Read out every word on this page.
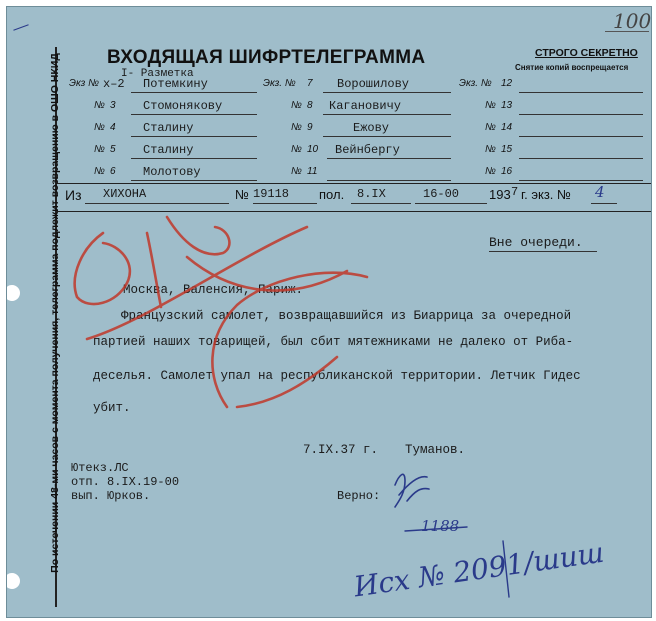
По истечении 48-ми часов с момента получения, телеграмма подлежит возвращению в ОШО НКИД
100
ВХОДЯЩАЯ ШИФРТЕЛЕГРАММА	СТРОГО СЕКРЕТНО
Снятие копий воспрещается
I- Разметка
Экз № х–2 Потемкину
№ 3 Стомонякову
№ 4 Сталину
№ 5 Сталину
№ 6 Молотову
Экз. № 7 Ворошилову
№ 8 Кагановичу
№ 9	Ежову
№ 10 Вейнбергу
№ 11
Экз. № 12
№ 13
№ 14
№ 15
№ 16
Из ХИХОНА	№ 19118 пол. 8.IX	16-00 193 7 г. экз. № 4
Вне очереди.
Москва, Валенсия, Париж.
Французский самолет, возвращавшийся из Биаррица за очередной
партией наших товарищей, был сбит мятежниками не далеко от Риба-
деселья. Самолет упал на республиканской территории. Летчик Гидес
убит.
7.IX.37 г. Туманов.
Ютекз.ЛС
отп. 8.IX.19-00
вып. Юрков.	Верно:
1188
Исх № 2091/шиш
